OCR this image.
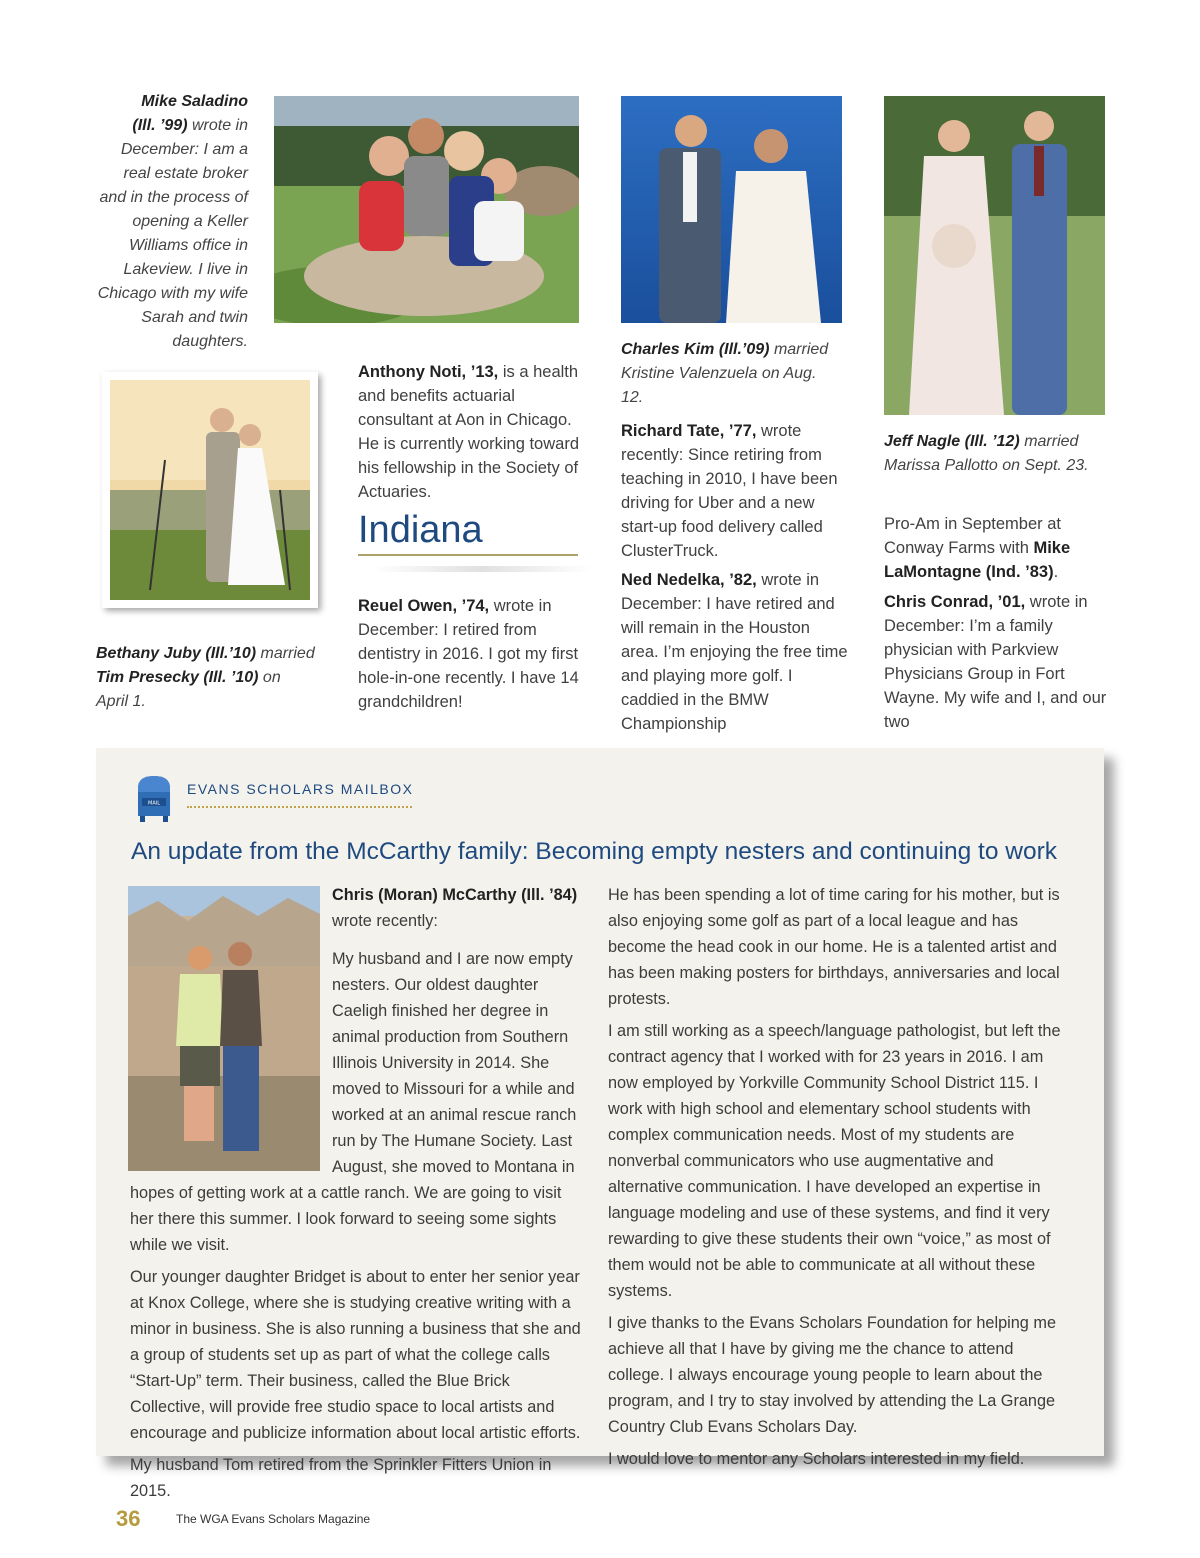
Mike Saladino
(Ill. ’99) wrote in December: I am a real estate broker and in the process of opening a Keller Williams office in Lakeview. I live in Chicago with my wife Sarah and twin daughters.	Charles Kim (Ill.’09) married Kristine Valenzuela on Aug. 12.
Jeff Nagle (Ill. ’12) married Marissa Pallotto on Sept. 23.
Bethany Juby (Ill.’10) married Tim Presecky (Ill. ’10) on April 1.
Anthony Noti, ’13, is a health and benefits actuarial consultant at Aon in Chicago. He is currently working toward his fellowship in the Society of Actuaries.
Indiana
Reuel Owen, ’74, wrote in December: I retired from dentistry in 2016. I got my first hole-in-one recently. I have 14 grandchildren!
Richard Tate, ’77, wrote recently: Since retiring from teaching in 2010, I have been driving for Uber and a new start-up food delivery called ClusterTruck.
Ned Nedelka, ’82, wrote in December: I have retired and will remain in the Houston area. I’m enjoying the free time and playing more golf. I caddied in the BMW Championship
Pro-Am in September at Conway Farms with Mike LaMontagne (Ind. ’83).
Chris Conrad, ’01, wrote in December: I’m a family physician with Parkview Physicians Group in Fort Wayne. My wife and I, and our two
MAIL
EVANS SCHOLARS MAILBOX
An update from the McCarthy family: Becoming empty nesters and continuing to work

Chris (Moran) McCarthy (Ill. ’84) wrote recently:

My husband and I are now empty nesters. Our oldest daughter Caeligh finished her degree in animal production from Southern Illinois University in 2014. She moved to Missouri for a while and worked at an animal rescue ranch run by The Humane Society. Last August, she moved to Montana in hopes of getting work at a cattle ranch. We are going to visit her there this summer. I look forward to seeing some sights while we visit.

Our younger daughter Bridget is about to enter her senior year at Knox College, where she is studying creative writing with a minor in business. She is also running a business that she and a group of students set up as part of what the college calls “Start-Up” term. Their business, called the Blue Brick Collective, will provide free studio space to local artists and encourage and publicize information about local artistic efforts.

My husband Tom retired from the Sprinkler Fitters Union in 2015.

He has been spending a lot of time caring for his mother, but is also enjoying some golf as part of a local league and has become the head cook in our home. He is a talented artist and has been making posters for birthdays, anniversaries and local protests.

I am still working as a speech/language pathologist, but left the contract agency that I worked with for 23 years in 2016. I am now employed by Yorkville Community School District 115. I work with high school and elementary school students with complex communication needs. Most of my students are nonverbal communicators who use augmentative and alternative communication. I have developed an expertise in language modeling and use of these systems, and find it very rewarding to give these students their own “voice,” as most of them would not be able to communicate at all without these systems.

I give thanks to the Evans Scholars Foundation for helping me achieve all that I have by giving me the chance to attend college. I always encourage young people to learn about the program, and I try to stay involved by attending the La Grange Country Club Evans Scholars Day.

I would love to mentor any Scholars interested in my field.

36	The WGA Evans Scholars Magazine
